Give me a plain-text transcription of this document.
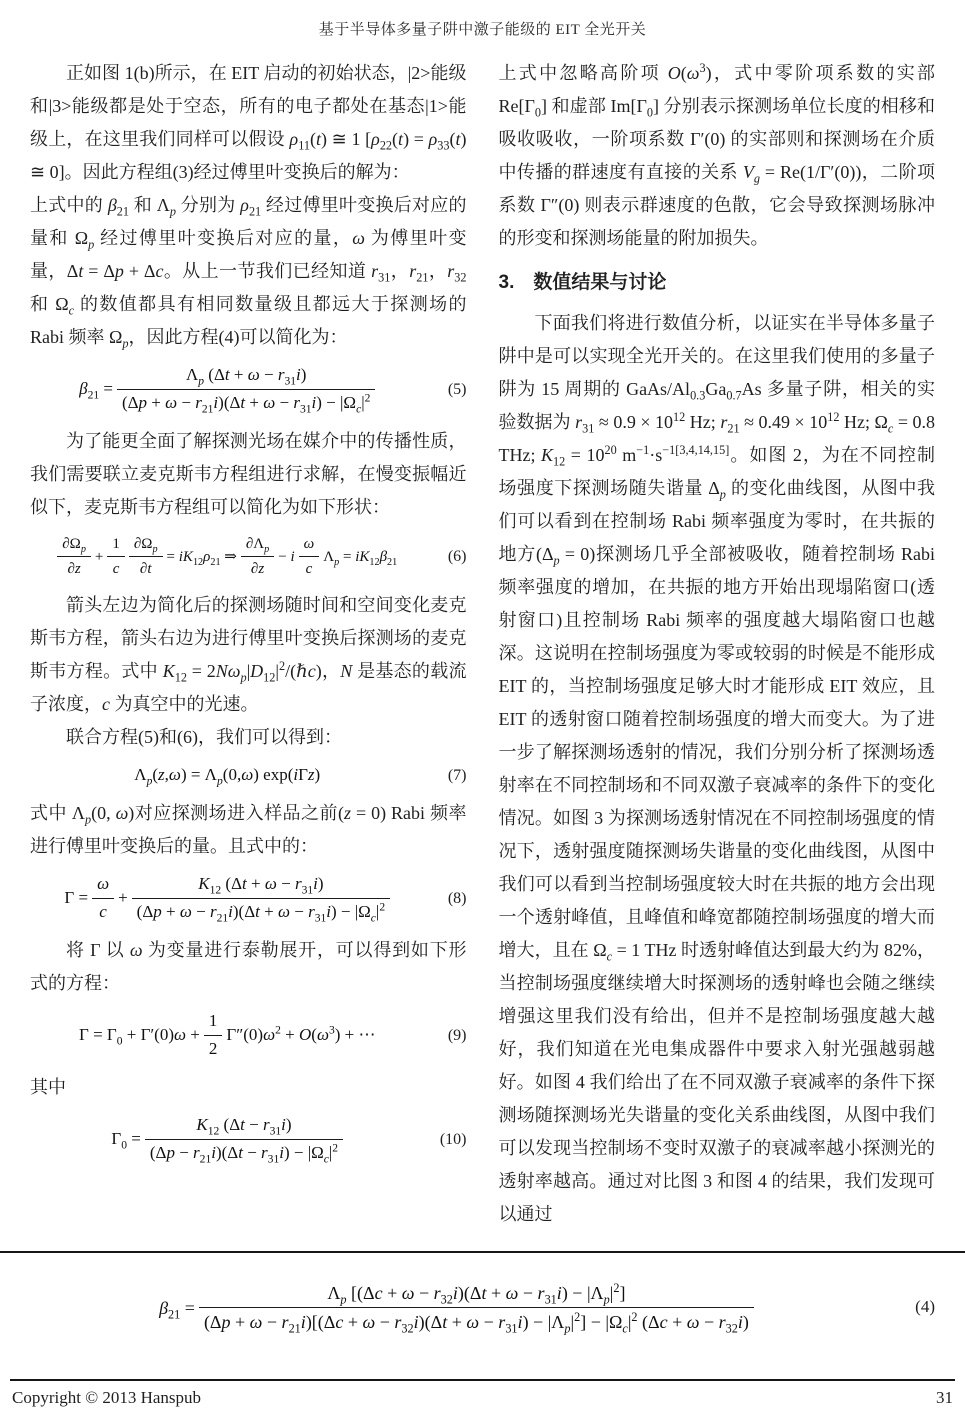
基于半导体多量子阱中激子能级的 EIT 全光开关

正如图 1(b)所示，在 EIT 启动的初始状态，|2>能级和|3>能级都是处于空态，所有的电子都处在基态|1>能级上，在这里我们同样可以假设 $\rho_{11}(t)$ ≅ 1 [$\rho_{22}(t) = \rho_{33}(t)$ ≅ 0]。因此方程组(3)经过傅里叶变换后的解为：

上式中的 $\beta_{21}$ 和 $\Lambda_p$ 分别为 $\rho_{21}$ 经过傅里叶变换后对应的量和 $\Omega_p$ 经过傅里叶变换后对应的量，ω 为傅里叶变量，Δt = Δp + Δc。从上一节我们已经知道 $r_{31}$，$r_{21}$，$r_{32}$ 和 $\Omega_c$ 的数值都具有相同数量级且都远大于探测场的 Rabi 频率 $\Omega_p$，因此方程(4)可以简化为：

$\beta_{21} = \frac{\Lambda_p (\Delta t + \omega - r_{31}i)}{(\Delta p + \omega - r_{21}i)(\Delta t + \omega - r_{31}i) - |\Omega_c|^2}$	(5)

为了能更全面了解探测光场在媒介中的传播性质，我们需要联立麦克斯韦方程组进行求解，在慢变振幅近似下，麦克斯韦方程组可以简化为如下形状：

$\frac{\partial\Omega_p}{\partial z} + \frac{1}{c} \frac{\partial\Omega_p}{\partial t} = iK_{12}\rho_{21}$ ⇒ $\frac{\partial\Lambda_p}{\partial z} - i \frac{\omega}{c} \Lambda_p = iK_{12}\beta_{21}$	(6)

箭头左边为简化后的探测场随时间和空间变化麦克斯韦方程，箭头右边为进行傅里叶变换后探测场的麦克斯韦方程。式中 $K_{12}$ = $2N\omega_p|D_{12}|^2/(\hbar c)$，N 是基态的载流子浓度，c 为真空中的光速。

联合方程(5)和(6)，我们可以得到：

$\Lambda_p(z,\omega) = \Lambda_p(0,\omega)$ exp(iΓz)	(7)

式中 $\Lambda_p(0$, ω)对应探测场进入样品之前(z = 0) Rabi 频率进行傅里叶变换后的量。且式中的：

$\Gamma = \frac{\omega}{c} + \frac{K_{12} (\Delta t + \omega - r_{31}i)}{(\Delta p + \omega - r_{21}i)(\Delta t + \omega - r_{31}i) - |\Omega_c|^2}$	(8)

将 Γ 以 ω 为变量进行泰勒展开，可以得到如下形式的方程：

$\Gamma = \Gamma_0 + \Gamma'(0)\omega + \frac{1}{2} \Gamma''(0)\omega^2 + O(\omega^3)$ + ⋯	(9)

其中

$\Gamma_0 = \frac{K_{12} (\Delta t - r_{31}i)}{(\Delta p - r_{21}i)(\Delta t - r_{31}i) - |\Omega_c|^2}$	(10)

上式中忽略高阶项 $O(\omega^3)$，式中零阶项系数的实部 $Re[\Gamma_0]$ 和虚部 $Im[\Gamma_0]$ 分别表示探测场单位长度的相移和吸收吸收，一阶项系数 Γ′(0) 的实部则和探测场在介质中传播的群速度有直接的关系 $V_g = Re(1/\Gamma'(0))$，二阶项系数 Γ″(0) 则表示群速度的色散，它会导致探测场脉冲的形变和探测场能量的附加损失。

3.　数值结果与讨论

下面我们将进行数值分析，以证实在半导体多量子阱中是可以实现全光开关的。在这里我们使用的多量子阱为 15 周期的 GaAs/$Al_{0.3}Ga_{0.7}As$ 多量子阱，相关的实验数据为 $r_{31} \approx 0.9 \times 10^{12}$ Hz; $r_{21} \approx 0.49 \times 10^{12}$ Hz; $\Omega_c = 0.8$ THz; $K_{12} = 10^{20}$ $m^{-1}\cdot s^{-1[3,4,14,15]}$。如图 2，为在不同控制场强度下探测场随失谐量 $\Delta_p$ 的变化曲线图，从图中我们可以看到在控制场 Rabi 频率强度为零时，在共振的地方$(\Delta_p = 0)$探测场几乎全部被吸收，随着控制场 Rabi 频率强度的增加，在共振的地方开始出现塌陷窗口(透射窗口)且控制场 Rabi 频率的强度越大塌陷窗口也越深。这说明在控制场强度为零或较弱的时候是不能形成 EIT 的，当控制场强度足够大时才能形成 EIT 效应，且 EIT 的透射窗口随着控制场强度的增大而变大。为了进一步了解探测场透射的情况，我们分别分析了探测场透射率在不同控制场和不同双激子衰减率的条件下的变化情况。如图 3 为探测场透射情况在不同控制场强度的情况下，透射强度随探测场失谐量的变化曲线图，从图中我们可以看到当控制场强度较大时在共振的地方会出现一个透射峰值，且峰值和峰宽都随控制场强度的增大而增大，且在 $\Omega_c = 1$ THz 时透射峰值达到最大约为 82%，当控制场强度继续增大时探测场的透射峰也会随之继续增强这里我们没有给出，但并不是控制场强度越大越好，我们知道在光电集成器件中要求入射光强越弱越好。如图 4 我们给出了在不同双激子衰减率的条件下探测场随探测场光失谐量的变化关系曲线图，从图中我们可以发现当控制场不变时双激子的衰减率越小探测光的透射率越高。通过对比图 3 和图 4 的结果，我们发现可以通过

$\beta_{21}$ =
$\Lambda_p$ $[(\Delta c + \omega - r_{32}i)(\Delta t + \omega - r_{31}i) - |\Lambda_p|^2]$
$(\Delta p + \omega - r_{21}i)[(\Delta c + \omega - r_{32}i)(\Delta t + \omega - r_{31}i) - |\Lambda_p|^2] - |\Omega_c|^2$ $(\Delta c + \omega - r_{32}i)$
(4)
Copyright © 2013 Hanspub	31
